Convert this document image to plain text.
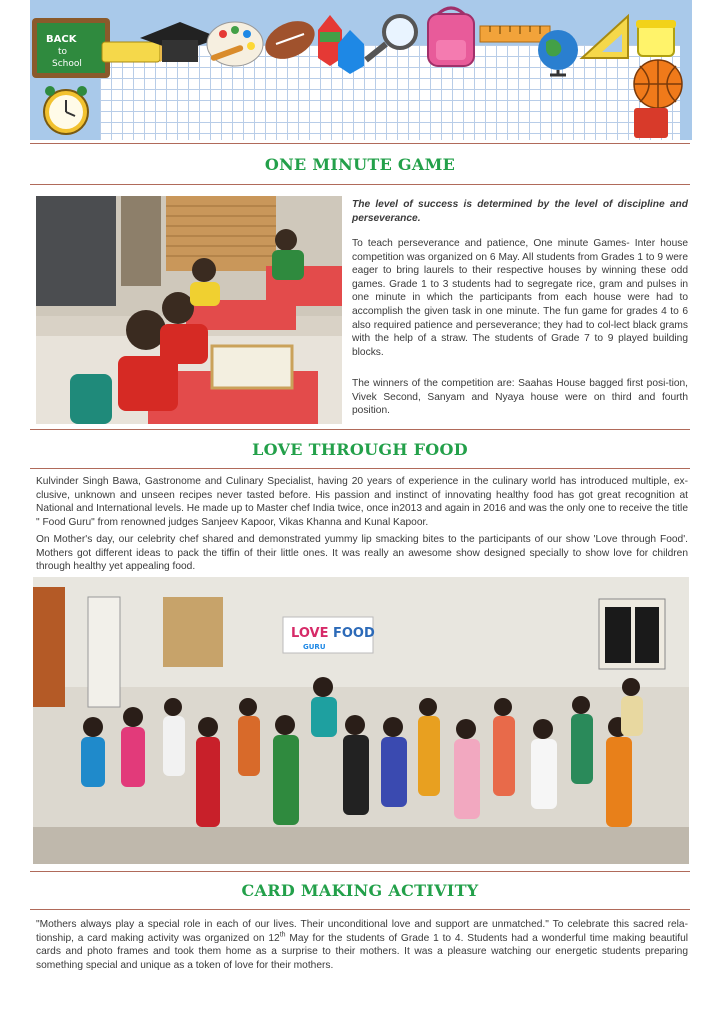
BACK
to
School
ONE MINUTE GAME

The level of success is determined by the level of discipline and perseverance.

To teach perseverance and patience, One minute Games- Inter house competition was organized on 6 May. All students from Grades 1 to 9 were eager to bring laurels to their respective houses by winning these odd games. Grade 1 to 3 students had to segregate rice, gram and pulses in one minute in which the participants from each house were had to accomplish the given task in one minute. The fun game for grades 4 to 6 also required patience and perseverance; they had to col-lect black grams with the help of a straw. The students of Grade 7 to 9 played building blocks.

The winners of the competition are: Saahas House bagged first posi-tion, Vivek Second, Sanyam and Nyaya house were on third and fourth position.

LOVE THROUGH FOOD

Kulvinder Singh Bawa, Gastronome and Culinary Specialist, having 20 years of experience in the culinary world has introduced multiple, ex-clusive, unknown and unseen recipes never tasted before. His passion and instinct of innovating healthy food has got great recognition at National and International levels. He made up to Master chef India twice, once in2013 and again in 2016 and was the only one to receive the title " Food Guru" from renowned judges Sanjeev Kapoor, Vikas Khanna and Kunal Kapoor.

On Mother's day, our celebrity chef shared and demonstrated yummy lip smacking bites to the participants of our show 'Love through Food'. Mothers got different ideas to pack the tiffin of their little ones. It was really an awesome show designed specially to show love for children through healthy yet appealing food.

LOVE FOOD
GURU
CARD MAKING ACTIVITY

"Mothers always play a special role in each of our lives. Their unconditional love and support are unmatched." To celebrate this sacred rela-tionship, a card making activity was organized on 12th May for the students of Grade 1 to 4. Students had a wonderful time making beautiful cards and photo frames and took them home as a surprise to their mothers. It was a pleasure watching our energetic students preparing something special and unique as a token of love for their mothers.
